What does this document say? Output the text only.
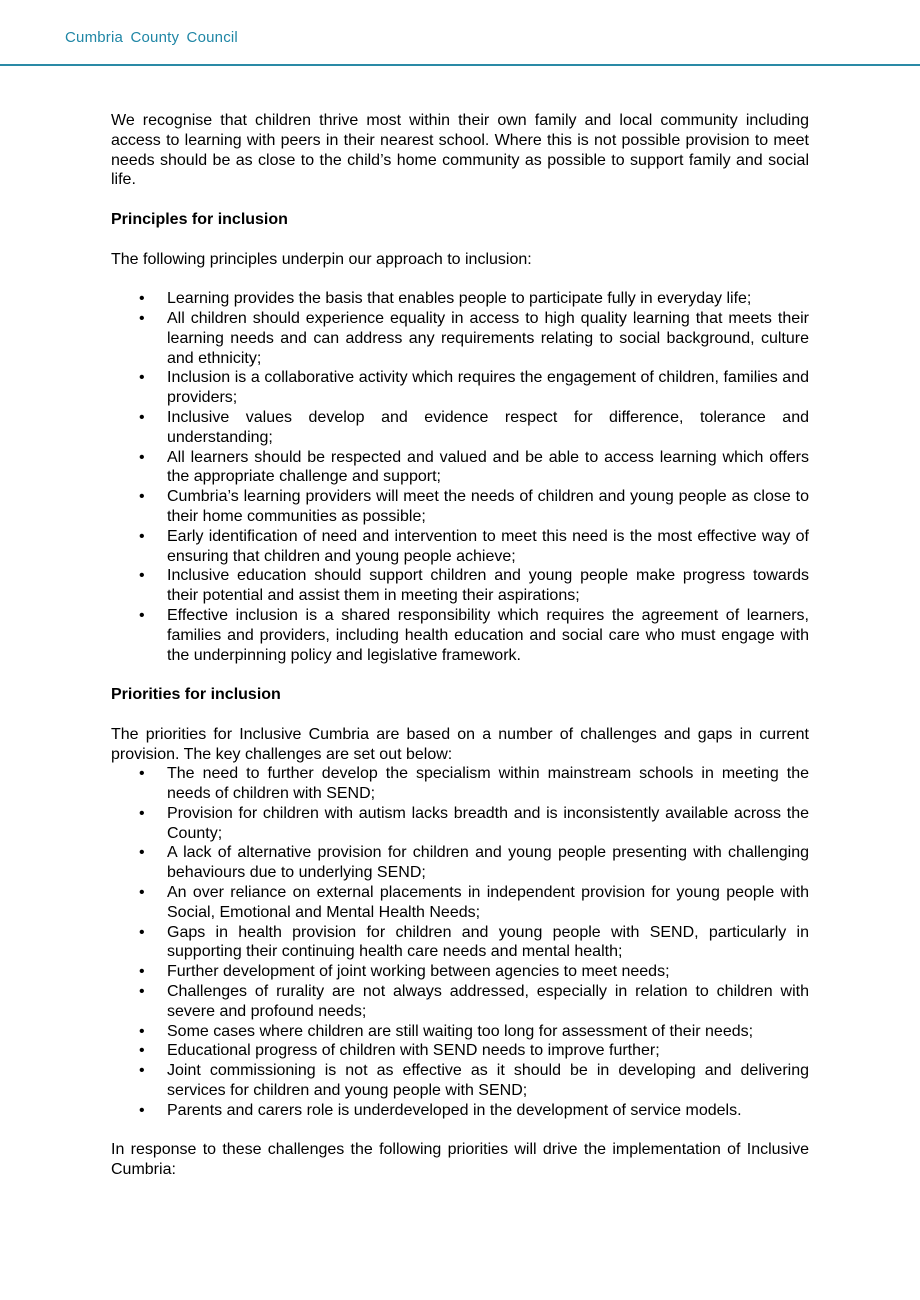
Cumbria County Council

We recognise that children thrive most within their own family and local community including access to learning with peers in their nearest school. Where this is not possible provision to meet needs should be as close to the child’s home community as possible to support family and social life.

Principles for inclusion

The following principles underpin our approach to inclusion:

• Learning provides the basis that enables people to participate fully in everyday life;
• All children should experience equality in access to high quality learning that meets their learning needs and can address any requirements relating to social background, culture and ethnicity;
• Inclusion is a collaborative activity which requires the engagement of children, families and providers;
• Inclusive values develop and evidence respect for difference, tolerance and understanding;
• All learners should be respected and valued and be able to access learning which offers the appropriate challenge and support;
• Cumbria’s learning providers will meet the needs of children and young people as close to their home communities as possible;
• Early identification of need and intervention to meet this need is the most effective way of ensuring that children and young people achieve;
• Inclusive education should support children and young people make progress towards their potential and assist them in meeting their aspirations;
• Effective inclusion is a shared responsibility which requires the agreement of learners, families and providers, including health education and social care who must engage with the underpinning policy and legislative framework.

Priorities for inclusion

The priorities for Inclusive Cumbria are based on a number of challenges and gaps in current provision. The key challenges are set out below:

• The need to further develop the specialism within mainstream schools in meeting the needs of children with SEND;
• Provision for children with autism lacks breadth and is inconsistently available across the County;
• A lack of alternative provision for children and young people presenting with challenging behaviours due to underlying SEND;
• An over reliance on external placements in independent provision for young people with Social, Emotional and Mental Health Needs;
• Gaps in health provision for children and young people with SEND, particularly in supporting their continuing health care needs and mental health;
• Further development of joint working between agencies to meet needs;
• Challenges of rurality are not always addressed, especially in relation to children with severe and profound needs;
• Some cases where children are still waiting too long for assessment of their needs;
• Educational progress of children with SEND needs to improve further;
• Joint commissioning is not as effective as it should be in developing and delivering services for children and young people with SEND;
• Parents and carers role is underdeveloped in the development of service models.

In response to these challenges the following priorities will drive the implementation of Inclusive Cumbria:
